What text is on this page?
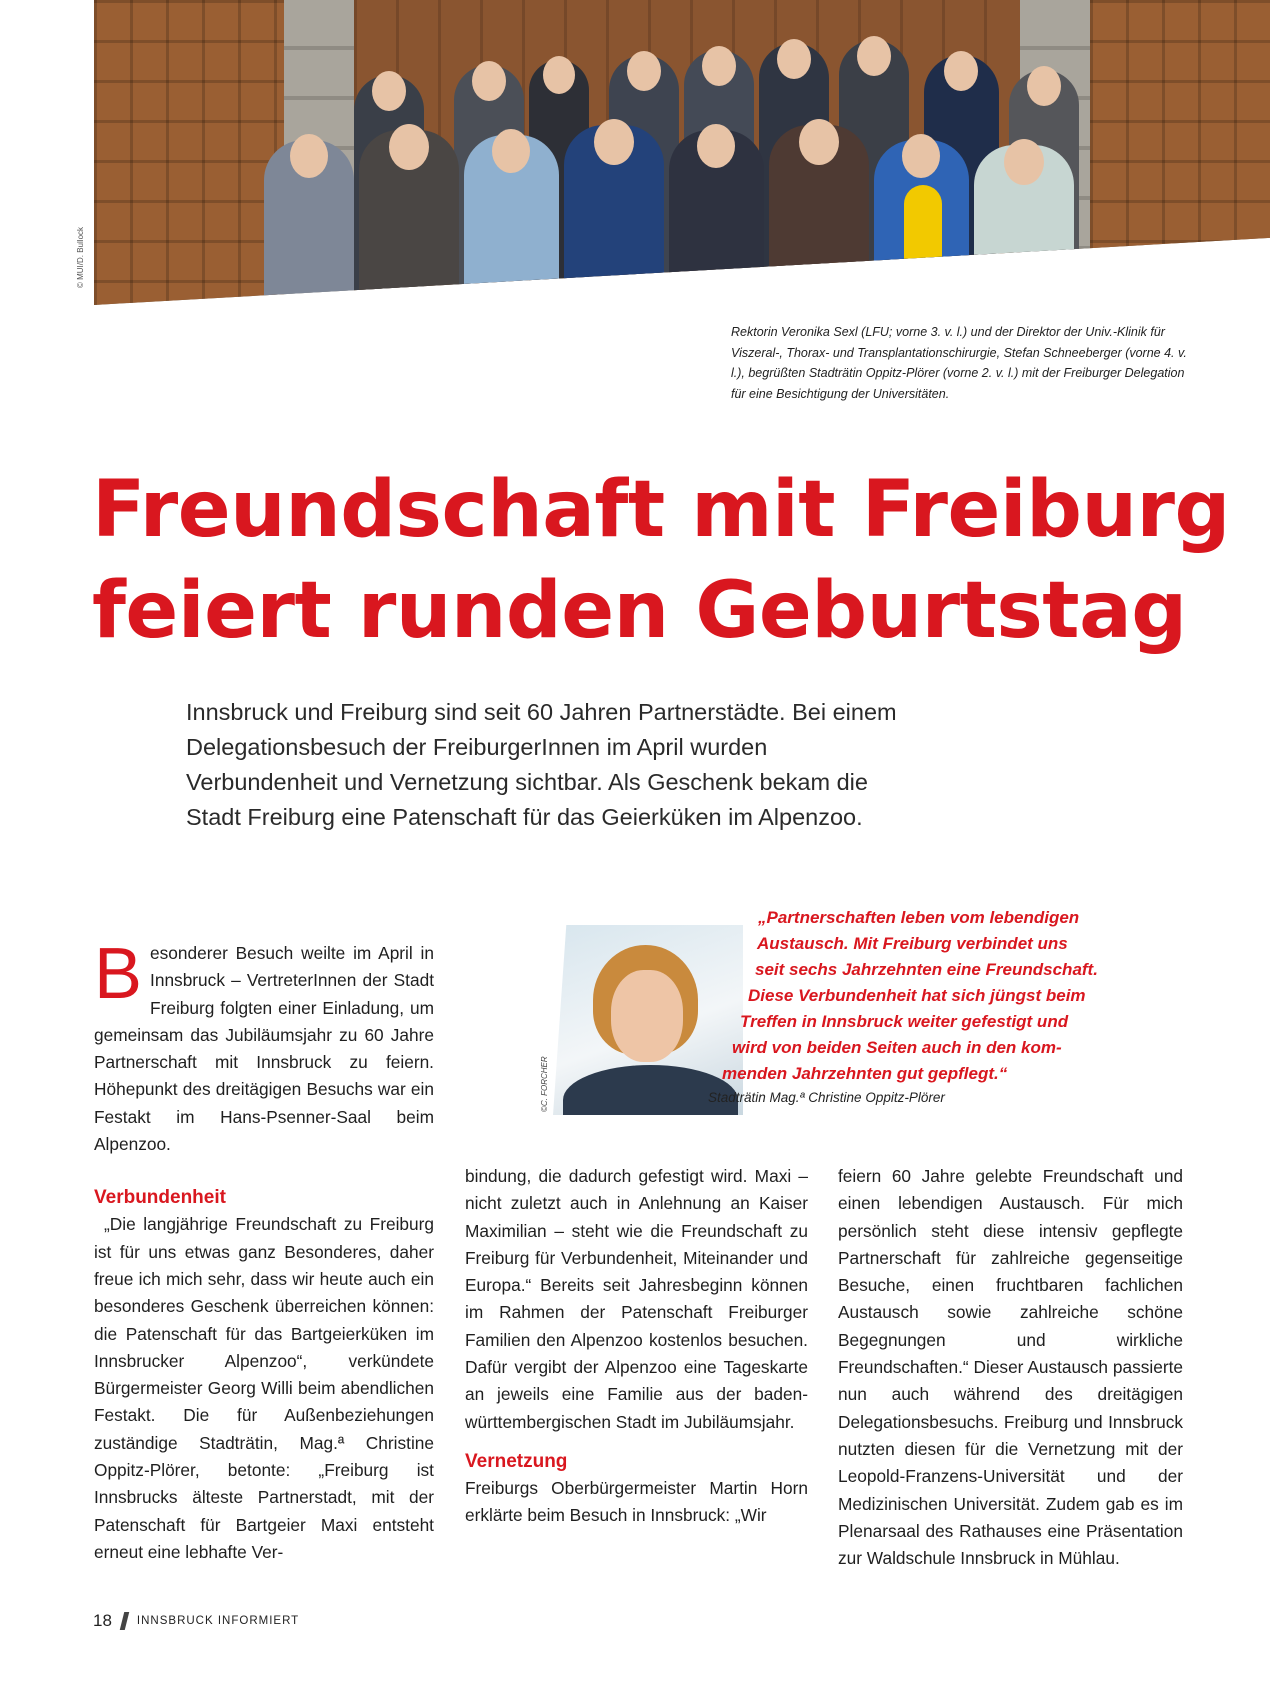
© MUI/D. Bullock
Rektorin Veronika Sexl (LFU; vorne 3. v. l.) und der Direktor der Univ.-Klinik für Viszeral-, Thorax- und Transplantationschirurgie, Stefan Schneeberger (vorne 4. v. l.), begrüßten Stadträtin Oppitz-Plörer (vorne 2. v. l.) mit der Freiburger Delegation für eine Besichtigung der Universitäten.
Freundschaft mit Freiburg
feiert runden Geburtstag

Innsbruck und Freiburg sind seit 60 Jahren Partnerstädte. Bei einem Delegationsbesuch der FreiburgerInnen im April wurden Verbundenheit und Vernetzung sichtbar. Als Geschenk bekam die Stadt Freiburg eine Patenschaft für das Geierküken im Alpenzoo.

©C. FORCHER
„Partnerschaften leben vom lebendigen
Austausch. Mit Freiburg verbindet uns
seit sechs Jahrzehnten eine Freundschaft.
Diese Verbundenheit hat sich jüngst beim
Treffen in Innsbruck weiter gefestigt und
wird von beiden Seiten auch in den kom-
menden Jahrzehnten gut gepflegt.“
Stadträtin Mag.ª Christine Oppitz-Plörer

Besonderer Besuch weilte im April in Innsbruck – VertreterInnen der Stadt Freiburg folgten einer Einladung, um gemeinsam das Jubiläumsjahr zu 60 Jahre Partnerschaft mit Innsbruck zu feiern. Höhepunkt des dreitägigen Besuchs war ein Festakt im Hans-Psenner-Saal beim Alpenzoo.

Verbundenheit

„Die langjährige Freundschaft zu Freiburg ist für uns etwas ganz Besonderes, daher freue ich mich sehr, dass wir heute auch ein besonderes Geschenk überreichen können: die Patenschaft für das Bartgeierküken im Innsbrucker Alpenzoo“, verkündete Bürgermeister Georg Willi beim abendlichen Festakt. Die für Außenbeziehungen zuständige Stadträtin, Mag.ª Christine Oppitz-Plörer, betonte: „Freiburg ist Innsbrucks älteste Partnerstadt, mit der Patenschaft für Bartgeier Maxi entsteht erneut eine lebhafte Ver-

bindung, die dadurch gefestigt wird. Maxi – nicht zuletzt auch in Anlehnung an Kaiser Maximilian – steht wie die Freundschaft zu Freiburg für Verbundenheit, Miteinander und Europa.“ Bereits seit Jahresbeginn können im Rahmen der Patenschaft Freiburger Familien den Alpenzoo kostenlos besuchen. Dafür vergibt der Alpenzoo eine Tageskarte an jeweils eine Familie aus der baden-württembergischen Stadt im Jubiläumsjahr.

Vernetzung

Freiburgs Oberbürgermeister Martin Horn erklärte beim Besuch in Innsbruck: „Wir

feiern 60 Jahre gelebte Freundschaft und einen lebendigen Austausch. Für mich persönlich steht diese intensiv gepflegte Partnerschaft für zahlreiche gegenseitige Besuche, einen fruchtbaren fachlichen Austausch sowie zahlreiche schöne Begegnungen und wirkliche Freundschaften.“ Dieser Austausch passierte nun auch während des dreitägigen Delegationsbesuchs. Freiburg und Innsbruck nutzten diesen für die Vernetzung mit der Leopold-Franzens-Universität und der Medizinischen Universität. Zudem gab es im Plenarsaal des Rathauses eine Präsentation zur Waldschule Innsbruck in Mühlau.

18 INNSBRUCK INFORMIERT
